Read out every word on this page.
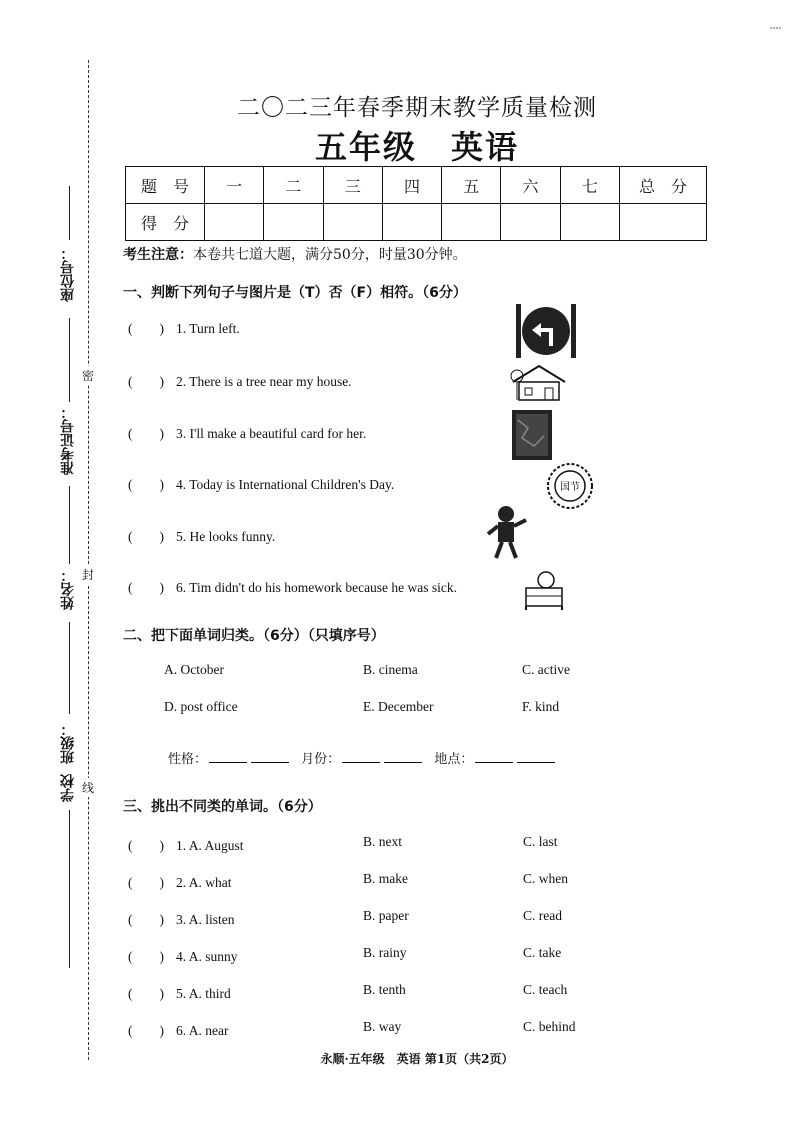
密
封
线
座位号：
准考证号：
姓名：
班级：
学校
二〇二三年春季期末教学质量检测
五年级　英语
题　号	一	二	三	四	五	六	七	总　分
得　分								
考生注意：本卷共七道大题，满分50分，时量30分钟。
一、判断下列句子与图片是（T）否（F）相符。（6分）
(　　) 1. Turn left.
(　　) 2. There is a tree near my house.
(　　) 3. I'll make a beautiful card for her.
(　　) 4. Today is International Children's Day.
(　　) 5. He looks funny.
(　　) 6. Tim didn't do his homework because he was sick.
国节
二、把下面单词归类。（6分）（只填序号）
A. October	B. cinema	C. active
D. post office	E. December	F. kind
性格：	月份：	地点：
三、挑出不同类的单词。（6分）
(　　) 1. A. August	B. next	C. last
(　　) 2. A. what	B. make	C. when
(　　) 3. A. listen	B. paper	C. read
(　　) 4. A. sunny	B. rainy	C. take
(　　) 5. A. third	B. tenth	C. teach
(　　) 6. A. near	B. way	C. behind
永顺·五年级　英语 第1页（共2页）
